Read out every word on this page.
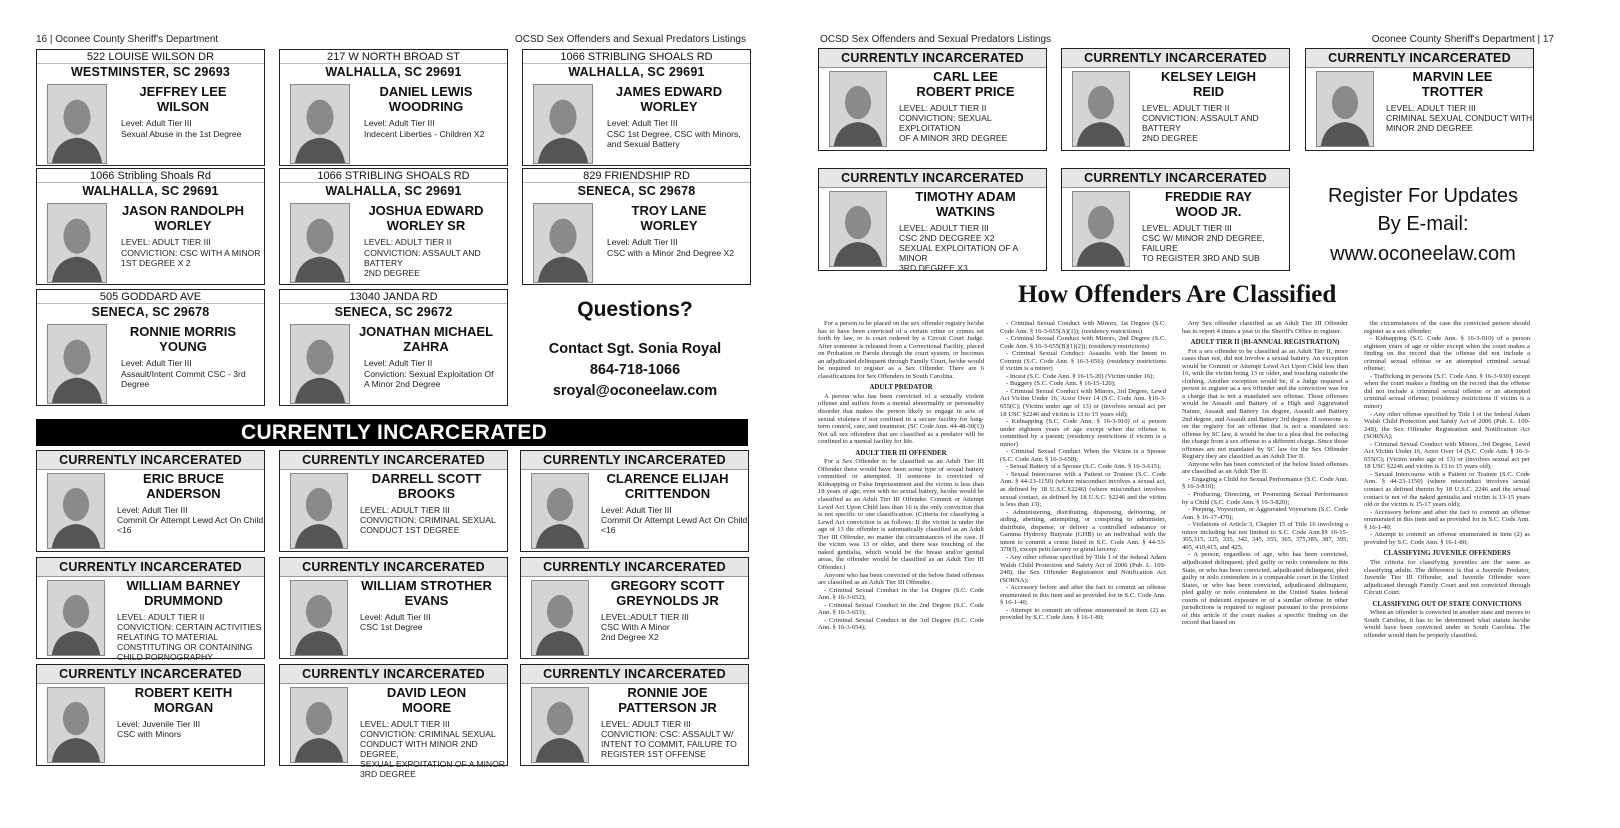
16 | Oconee County Sheriff's Department	OCSD Sex Offenders and Sexual Predators Listings
522 LOUISE WILSON DR
WESTMINSTER, SC 29693
JEFFREY LEE
WILSON
Level: Adult Tier III
Sexual Abuse in the 1st Degree
217 W NORTH BROAD ST
WALHALLA, SC 29691
DANIEL LEWIS
WOODRING
Level: Adult Tier III
Indecent Liberties - Children X2
1066 STRIBLING SHOALS RD
WALHALLA, SC 29691
JAMES EDWARD
WORLEY
Level: Adult Tier III
CSC 1st Degree, CSC with Minors,
and Sexual Battery
1066 Stribling Shoals Rd
WALHALLA, SC 29691
JASON RANDOLPH
WORLEY
LEVEL: ADULT TIER III
CONVICTION: CSC WITH A MINOR
1ST DEGREE X 2
1066 STRIBLING SHOALS RD
WALHALLA, SC 29691
JOSHUA EDWARD
WORLEY SR
LEVEL: ADULT TIER II
CONVICTION: ASSAULT AND BATTERY
2ND DEGREE
829 FRIENDSHIP RD
SENECA, SC 29678
TROY LANE
WORLEY
Level: Adult Tier III
CSC with a Minor 2nd Degree X2
505 GODDARD AVE
SENECA, SC 29678
RONNIE MORRIS
YOUNG
Level: Adult Tier III
Assault/Intent Commit CSC - 3rd
Degree
13040 JANDA RD
SENECA, SC 29672
JONATHAN MICHAEL
ZAHRA
Level: Adult Tier II
Conviction: Sexual Exploitation Of
A Minor 2nd Degree
Questions?
Contact Sgt. Sonia Royal
864-718-1066
sroyal@oconeelaw.com
CURRENTLY INCARCERATED
CURRENTLY INCARCERATED
ERIC BRUCE
ANDERSON
Level: Adult Tier III
Commit Or Attempt Lewd Act On Child
<16
CURRENTLY INCARCERATED
DARRELL SCOTT
BROOKS
LEVEL: ADULT TIER III
CONVICTION: CRIMINAL SEXUAL
CONDUCT 1ST DEGREE
CURRENTLY INCARCERATED
CLARENCE ELIJAH
CRITTENDON
Level: Adult Tier III
Commit Or Attempt Lewd Act On Child
<16
CURRENTLY INCARCERATED
WILLIAM BARNEY
DRUMMOND
LEVEL: ADULT TIER II
CONVICTION: CERTAIN ACTIVITIES
RELATING TO MATERIAL
CONSTITUTING OR CONTAINING
CHILD PORNOGRAPHY
CURRENTLY INCARCERATED
WILLIAM STROTHER
EVANS
Level: Adult Tier III
CSC 1st Degree
CURRENTLY INCARCERATED
GREGORY SCOTT
GREYNOLDS JR
LEVEL:ADULT TIER III
CSC With A Minor
2nd Degree X2
CURRENTLY INCARCERATED
ROBERT KEITH
MORGAN
Level: Juvenile Tier III
CSC with Minors
CURRENTLY INCARCERATED
DAVID LEON
MOORE
LEVEL: ADULT TIER III
CONVICTION: CRIMINAL SEXUAL
CONDUCT WITH MINOR 2ND DEGREE,
SEXUAL EXPOITATION OF A MINOR
3RD DEGREE
CURRENTLY INCARCERATED
RONNIE JOE
PATTERSON JR
LEVEL: ADULT TIER III
CONVICTION: CSC: ASSAULT W/
INTENT TO COMMIT, FAILURE TO
REGISTER 1ST OFFENSE
OCSD Sex Offenders and Sexual Predators Listings	Oconee County Sheriff's Department | 17
CURRENTLY INCARCERATED
CARL LEE
ROBERT PRICE
LEVEL: ADULT TIER II
CONVICTION: SEXUAL EXPLOITATION
OF A MINOR 3RD DEGREE
CURRENTLY INCARCERATED
KELSEY LEIGH
REID
LEVEL: ADULT TIER II
CONVICTION: ASSAULT AND BATTERY
2ND DEGREE
CURRENTLY INCARCERATED
MARVIN LEE
TROTTER
LEVEL: ADULT TIER III
CRIMINAL SEXUAL CONDUCT WITH
MINOR 2ND DEGREE
CURRENTLY INCARCERATED
TIMOTHY ADAM
WATKINS
LEVEL: ADULT TIER III
CSC 2ND DECGREE X2
SEXUAL EXPLOITATION OF A MINOR
3RD DEGREE X3
CURRENTLY INCARCERATED
FREDDIE RAY
WOOD JR.
LEVEL: ADULT TIER III
CSC W/ MINOR 2ND DEGREE, FAILURE
TO REGISTER 3RD AND SUB
Register For Updates
By E-mail:
www.oconeelaw.com
How Offenders Are Classified

For a person to be placed on the sex offender registry he/she has to have been convicted of a certain crime or crimes set forth by law, or is court ordered by a Circuit Court Judge. After someone is released from a Correctional Facility, placed on Probation or Parole through the court system, or becomes an adjudicated delinquent through Family Court, he/she would be required to register as a Sex Offender. There are 6 classifications for Sex Offenders in South Carolina.

ADULT PREDATOR

A person who has been convicted of a sexually violent offense and suffers from a mental abnormality or personality disorder that makes the person likely to engage in acts of sexual violence if not confined in a secure facility for long-term control, care, and treatment. (SC Code Ann. 44-48-30(1)) Not all sex offenders that are classified as a predator will be confined to a mental facility for life.

ADULT TIER III OFFENDER

For a Sex Offender to be classified as an Adult Tier III Offender there would have been some type of sexual battery committed or attempted. If someone is convicted of Kidnapping or False Imprisonment and the victim is less than 18 years of age; even with no sexual battery, he/she would be classified as an Adult Tier III Offender. Commit or Attempt Lewd Act Upon Child less than 16 is the only conviction that is not specific to one classification. (Criteria for classifying a Lewd Act conviction is as follows: If the victim is under the age of 13 the offender is automatically classified as an Adult Tier III Offender, no matter the circumstances of the case. If the victim was 13 or older, and there was touching of the naked genitalia, which would be the breast and/or genital areas, the offender would be classified as an Adult Tier III Offender.)

Anyone who has been convicted of the below listed offenses are classified as an Adult Tier III Offender.

- Criminal Sexual Conduct in the 1st Degree (S.C. Code Ann. § 16-3-652);

- Criminal Sexual Conduct in the 2nd Degree (S.C. Code Ann. § 16-3-653);

- Criminal Sexual Conduct in the 3rd Degree (S.C. Code Ann. § 16-3-654);

- Criminal Sexual Conduct with Minors, 1st Degree (S.C. Code Ann. § 16-3-655(A)(1)); (residency restrictions)

- Criminal Sexual Conduct with Minors, 2nd Degree (S.C. Code Ann. § 16-3-655(B)(1)(2)); (residency restrictions)

- Criminal Sexual Conduct: Assaults with the Intent to Commit (S.C. Code Ann. § 16-3-656); (residency restrictions if victim is a minor)

- Incest (S.C. Code Ann. § 16-15-20) (Victim under 16);

- Buggery (S.C. Code Ann. § 16-15-120);

- Criminal Sexual Conduct with Minors, 3rd Degree, Lewd Act Victim Under 16, Actor Over 14 (S.C. Code Ann. §16-3-655(C); (Victim under age of 13) or (involves sexual act per 18 USC §2246 and victim is 13 to 15 years old);

- Kidnapping (S.C. Code Ann. § 16-3-910) of a person under eighteen years of age except when the offense is committed by a parent; (residency restrictions if victim is a minor)

- Criminal Sexual Conduct When the Victim is a Spouse (S.C. Code Ann. § 16-3-658);

- Sexual Battery of a Spouse (S.C. Code Ann. § 16-3-615);

- Sexual Intercourse with a Patient or Trainee (S.C. Code Ann. § 44-23-1150) (where misconduct involves a sexual act, as defined by 18 U.S.C.§2246) (where misconduct involves sexual contact, as defined by 18 U.S.C. §2246 and the victim is less than 13);

- Administering, distributing, dispensing, delivering, or aiding, abetting, attempting, or conspiring to administer, distribute, dispense, or deliver a controlled substance or Gamma Hydroxy Butyrate (GHB) to an individual with the intent to commit a crime listed in S.C. Code Ann. § 44-53-370(f), except petit larceny or grand larceny.

- Any other offense specified by Title I of the federal Adam Walsh Child Protection and Safety Act of 2006 (Pub. L. 109-248), the Sex Offender Registration and Notification Act (SORNA);

- Accessory before and after the fact to commit an offense enumerated in this item and as provided for in S.C. Code Ann. § 16-1-40;

- Attempt to commit an offense enumerated in item (2) as provided by S.C. Code Ann. § 16-1-80;

Any Sex offender classified as an Adult Tier III Offender has to report 4 times a year to the Sheriff's Office to register.

ADULT TIER II (BI-ANNUAL REGISTRATION)

For a sex offender to be classified as an Adult Tier II, more cases than not, did not involve a sexual battery. An exception would be Commit or Attempt Lewd Act Upon Child less than 16, with the victim being 13 or older, and touching outside the clothing. Another exception would be, if a Judge required a person to register as a sex offender and the conviction was for a charge that is not a mandated sex offense. Those offenses would be Assault and Battery of a High and Aggravated Nature, Assault and Battery 1st degree, Assault and Battery 2nd degree, and Assault and Battery 3rd degree. If someone is on the registry for an offense that is not a mandated sex offense by SC law, it would be due to a plea deal for reducing the charge from a sex offense to a different charge. Since those offenses are not mandated by SC law for the Sex Offender Registry they are classified as an Adult Tier II.

Anyone who has been convicted of the below listed offenses are classified as an Adult Tier II.

- Engaging a Child for Sexual Performance (S.C. Code Ann. § 16-3-810);

- Producing, Directing, or Promoting Sexual Performance by a Child (S.C. Code Ann. § 16-3-820);

- Peeping, Voyeurism, or Aggravated Voyeurism (S.C. Code Ann. § 16-17-470);

- Violations of Article 3, Chapter 15 of Title 16 involving a minor including but not limited to S.C. Code Ann.§§ 16-15-305,315, 325, 335, 342, 345, 355, 365, 375,385, 387, 395, 405, 410,415, and 425;

- A person, regardless of age, who has been convicted, adjudicated delinquent, pled guilty or nolo contendere in this State, or who has been convicted, adjudicated delinquent, pled guilty or nolo contendere in a comparable court in the United States, or who has been convicted, adjudicated delinquent, pled guilty or nolo contendere in the United States federal courts of indecent exposure or of a similar offense in other jurisdictions is required to register pursuant to the provisions of this article if the court makes a specific finding on the record that based on

the circumstances of the case the convicted person should register as a sex offender;

- Kidnapping (S.C. Code Ann. § 16-3-910) of a person eighteen years of age or older except when the court makes a finding on the record that the offense did not include a criminal sexual offense or an attempted criminal sexual offense;

- Trafficking in persons (S.C. Code Ann. § 16-3-930) except when the court makes a finding on the record that the offense did not include a criminal sexual offense or an attempted criminal sexual offense; (residency restrictions if victim is a minor)

- Any other offense specified by Title I of the federal Adam Walsh Child Protection and Safety Act of 2006 (Pub. L. 109-248), the Sex Offender Registration and Notification Act (SORNA);

- Criminal Sexual Conduct with Minors, 3rd Degree, Lewd Act Victim Under 16, Actor Over 14 (S.C. Code Ann. § 16-3-655(C); (Victim under age of 13) or (involves sexual act per 18 USC §2246 and victim is 13 to 15 years old);

- Sexual Intercourse with a Patient or Trainee (S.C. Code Ann. § 44-23-1150) (where misconduct involves sexual contact as defined therein by 18 U.S.C. 2246 and the sexual contact is not of the naked genitalia and victim is 13-15 years old or the victim is 15-17 years old);

- Accessory before and after the fact to commit an offense enumerated in this item and as provided for in S.C. Code Ann. § 16-1-40;

- Attempt to commit an offense enumerated in item (2) as provided by S.C. Code Ann. § 16-1-80;

CLASSIFYING JUVENILE OFFENDERS

The criteria for classifying juveniles are the same as classifying adults. The difference is that a Juvenile Predator, Juvenile Tier III Offender, and Juvenile Offender were adjudicated through Family Court and not convicted through Circuit Court.

CLASSIFYING OUT OF STATE CONVICTIONS

When an offender is convicted in another state and moves to South Carolina, it has to be determined what statute he/she would have been convicted under in South Carolina. The offender would then be properly classified.
